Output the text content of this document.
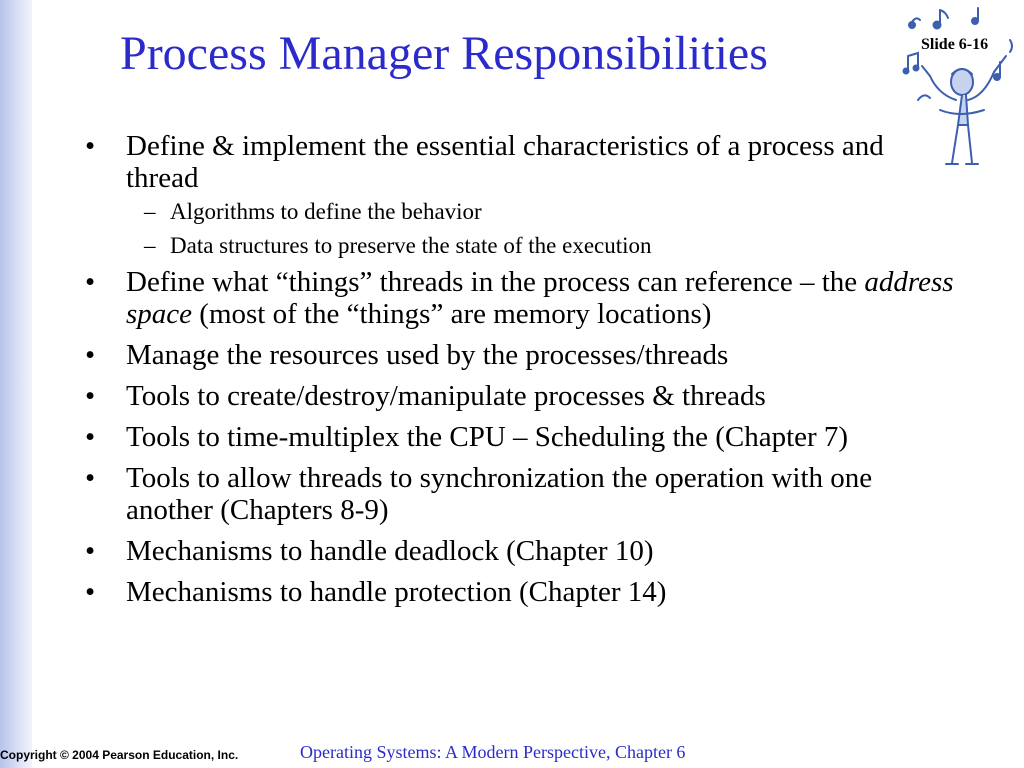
Process Manager Responsibilities	Slide 6-16
•	Define & implement the essential characteristics of a process and thread
– Algorithms to define the behavior
– Data structures to preserve the state of the execution
•	Define what “things” threads in the process can reference – the address space (most of the “things” are memory locations)
•	Manage the resources used by the processes/threads
•	Tools to create/destroy/manipulate processes & threads
•	Tools to time-multiplex the CPU – Scheduling the (Chapter 7)
•	Tools to allow threads to synchronization the operation with one another (Chapters 8-9)
•	Mechanisms to handle deadlock (Chapter 10)
•	Mechanisms to handle protection (Chapter 14)
Copyright © 2004 Pearson Education, Inc.	Operating Systems: A Modern Perspective, Chapter 6
